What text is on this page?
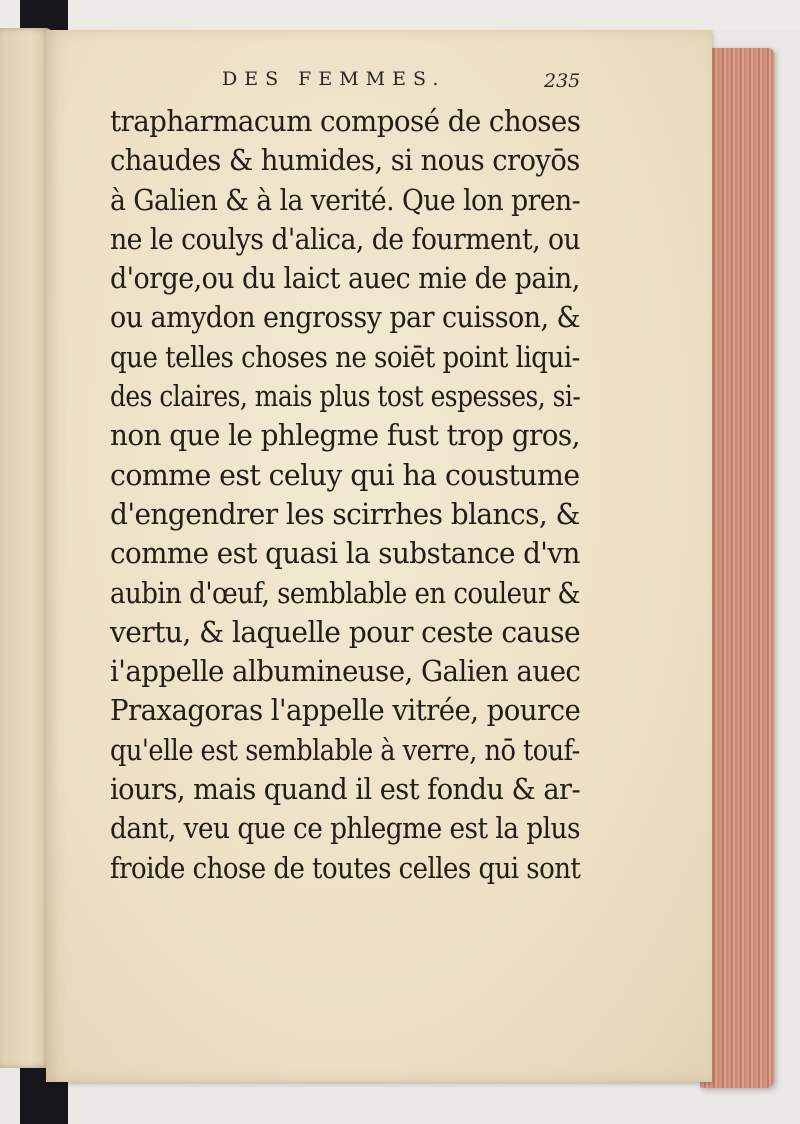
DES FEMMES.	235
trapharmacum composé de choses
chaudes & humides, si nous croyōs
à Galien & à la verité. Que lon pren-
ne le coulys d'alica, de fourment, ou
d'orge,ou du laict auec mie de pain,
ou amydon engrossy par cuisson, &
que telles choses ne soiēt point liqui-
des claires, mais plus tost espesses, si-
non que le phlegme fust trop gros,
comme est celuy qui ha coustume
d'engendrer les scirrhes blancs, &
comme est quasi la substance d'vn
aubin d'œuf, semblable en couleur &
vertu, & laquelle pour ceste cause
i'appelle albumineuse, Galien auec
Praxagoras l'appelle vitrée, pource
qu'elle est semblable à verre, nō touf-
iours, mais quand il est fondu & ar-
dant, veu que ce phlegme est la plus
froide chose de toutes celles qui sont
